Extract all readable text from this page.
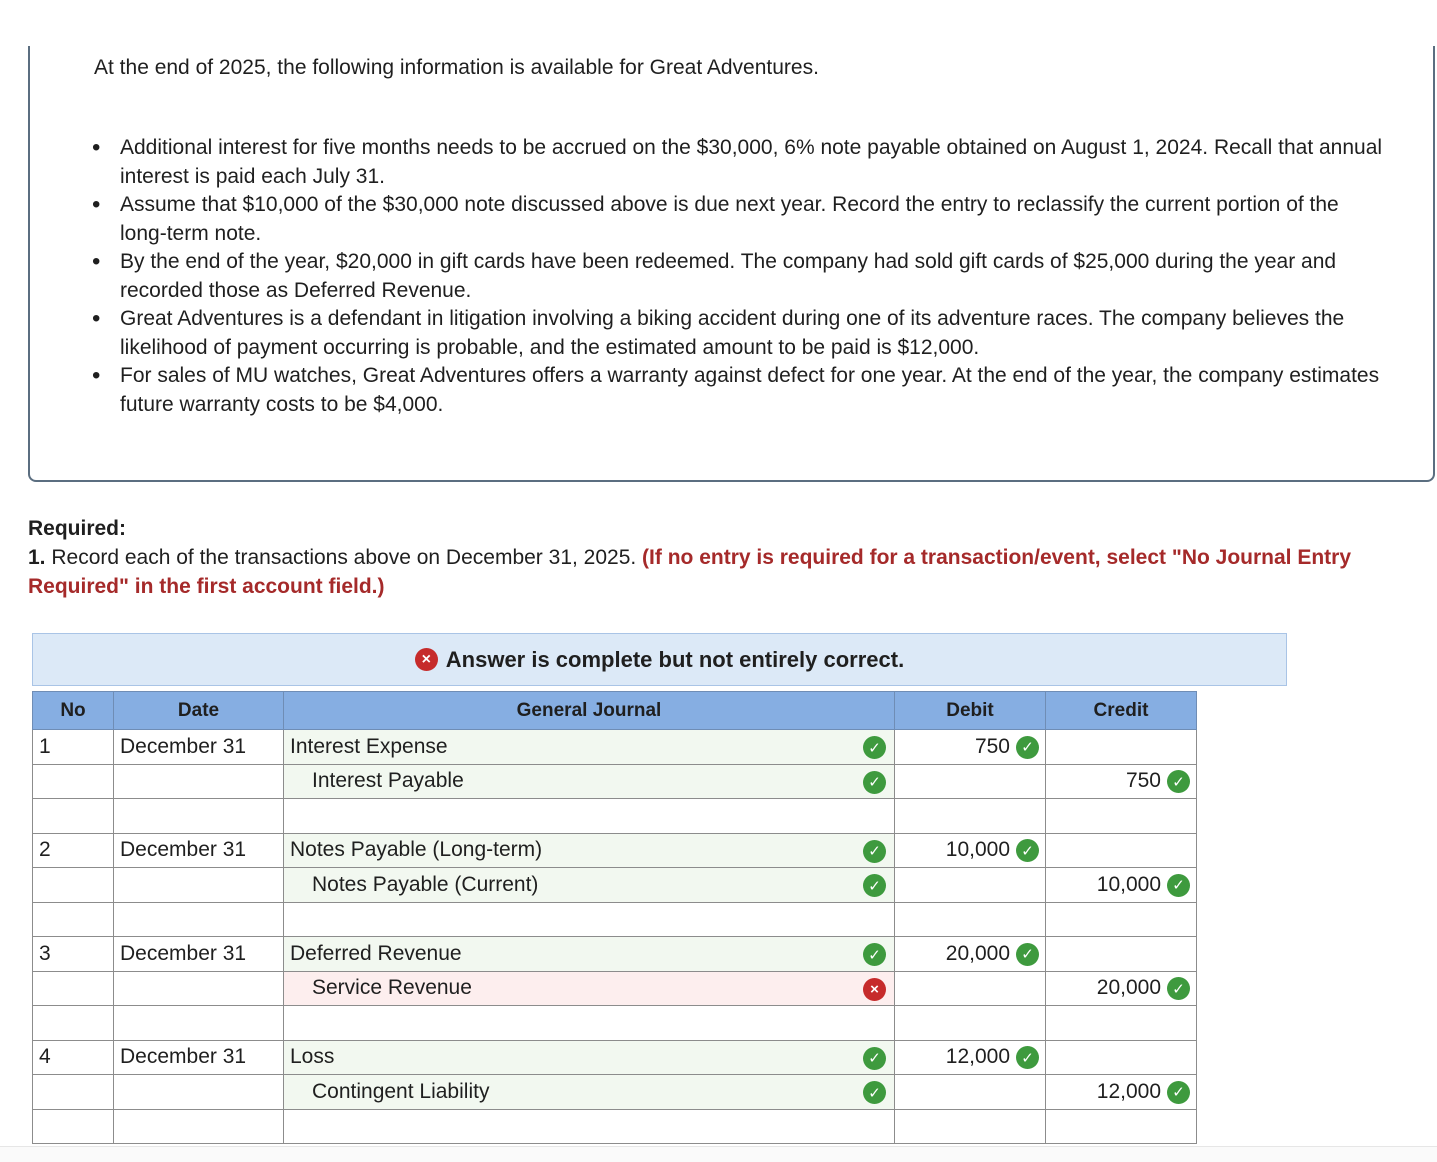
At the end of 2025, the following information is available for Great Adventures.

• Additional interest for five months needs to be accrued on the $30,000, 6% note payable obtained on August 1, 2024. Recall that annual interest is paid each July 31.
• Assume that $10,000 of the $30,000 note discussed above is due next year. Record the entry to reclassify the current portion of the long-term note.
• By the end of the year, $20,000 in gift cards have been redeemed. The company had sold gift cards of $25,000 during the year and recorded those as Deferred Revenue.
• Great Adventures is a defendant in litigation involving a biking accident during one of its adventure races. The company believes the likelihood of payment occurring is probable, and the estimated amount to be paid is $12,000.
• For sales of MU watches, Great Adventures offers a warranty against defect for one year. At the end of the year, the company estimates future warranty costs to be $4,000.
Required:
1. Record each of the transactions above on December 31, 2025. (If no entry is required for a transaction/event, select "No Journal Entry Required" in the first account field.)
× Answer is complete but not entirely correct.
No	Date	General Journal	Debit	Credit
1	December 31	Interest Expense ✓	750 ✓	
		Interest Payable ✓		750 ✓

2	December 31	Notes Payable (Long-term) ✓	10,000 ✓	
		Notes Payable (Current) ✓		10,000 ✓

3	December 31	Deferred Revenue ✓	20,000 ✓	
		Service Revenue ×		20,000 ✓

4	December 31	Loss ✓	12,000 ✓	
		Contingent Liability ✓		12,000 ✓
